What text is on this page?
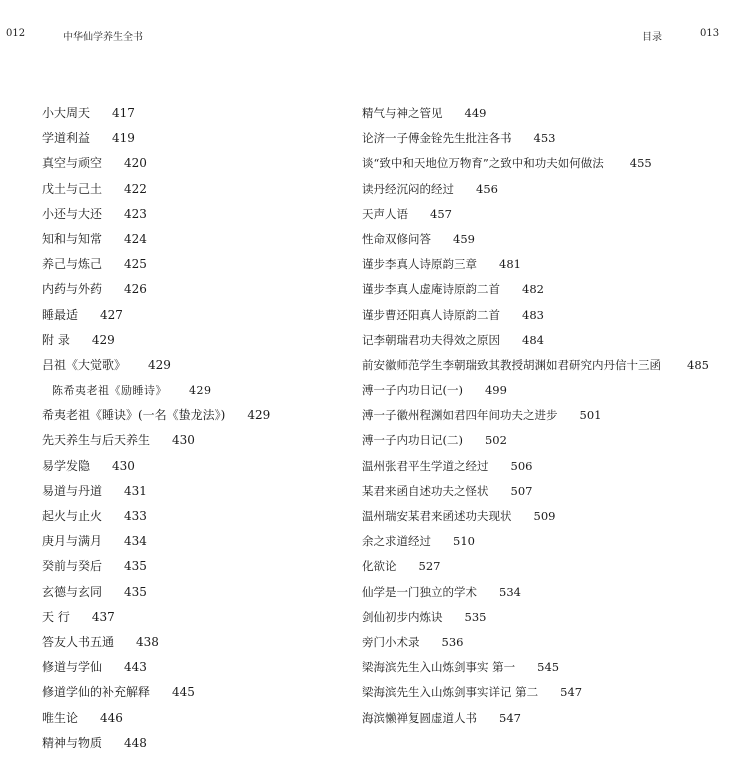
012	中华仙学养生全书	目录	013
小大周天 417
学道利益 419
真空与顽空 420
戊土与己土 422
小还与大还 423
知和与知常 424
养己与炼己 425
内药与外药 426
睡最适 427
附 录 429
吕祖《大觉歌》 429
陈希夷老祖《励睡诗》 429
希夷老祖《睡诀》(一名《蛰龙法》) 429
先天养生与后天养生 430
易学发隐 430
易道与丹道 431
起火与止火 433
庚月与满月 434
癸前与癸后 435
玄德与玄同 435
天 行 437
答友人书五通 438
修道与学仙 443
修道学仙的补充解释 445
唯生论 446
精神与物质 448
精气与神之管见 449
论济一子傅金铨先生批注各书 453
谈“致中和天地位万物育”之致中和功夫如何做法 455
读丹经沉闷的经过 456
天声人语 457
性命双修问答 459
谨步李真人诗原韵三章 481
谨步李真人虚庵诗原韵二首 482
谨步曹还阳真人诗原韵二首 483
记李朝瑞君功夫得效之原因 484
前安徽师范学生李朝瑞致其教授胡渊如君研究内丹信十三函 485
溥一子内功日记(一) 499
溥一子徽州程渊如君四年间功夫之进步 501
溥一子内功日记(二) 502
温州张君平生学道之经过 506
某君来函自述功夫之怪状 507
温州瑞安某君来函述功夫现状 509
余之求道经过 510
化欲论 527
仙学是一门独立的学术 534
剑仙初步内炼诀 535
旁门小术录 536
梁海滨先生入山炼剑事实 第一 545
梁海滨先生入山炼剑事实详记 第二 547
海滨懒禅复圆虚道人书 547
